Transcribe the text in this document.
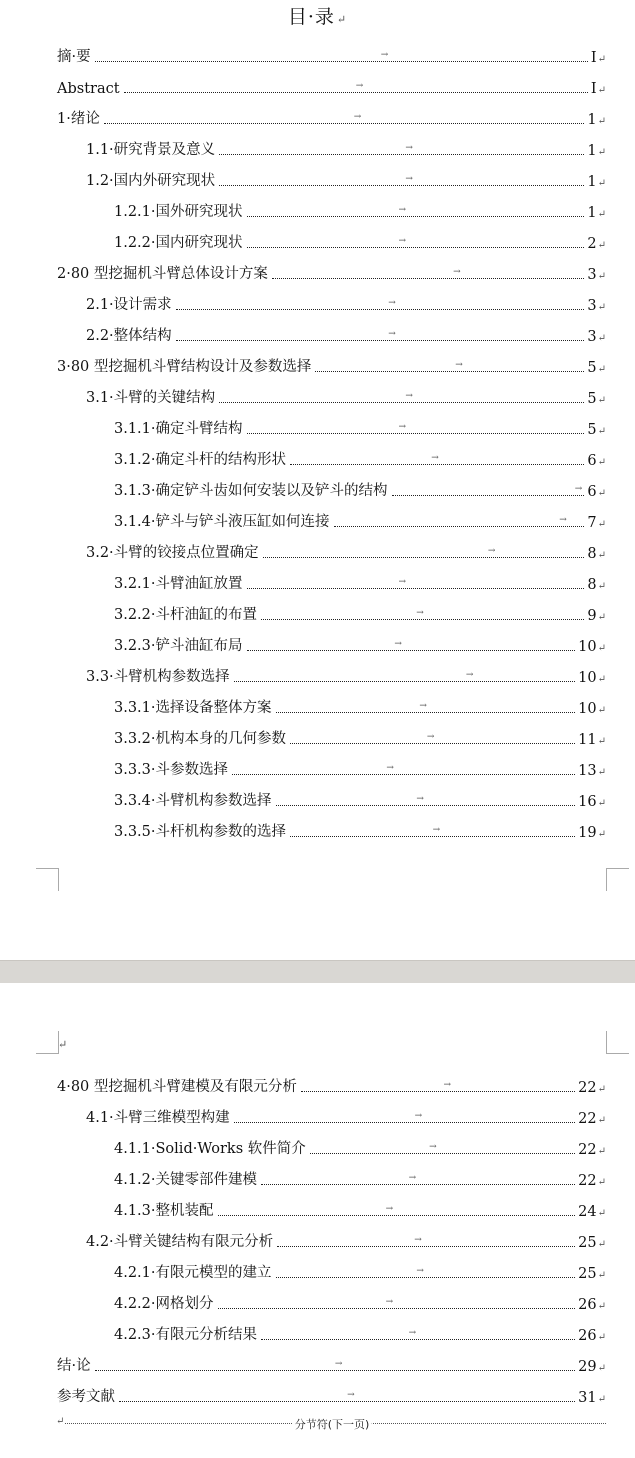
目·录 ↵
摘·要	→	I↵
Abstract	→	I↵
1·绪论	→	1↵
1.1·研究背景及意义	→	1↵
1.2·国内外研究现状	→	1↵
1.2.1·国外研究现状	→	1↵
1.2.2·国内研究现状	→	2↵
2·80 型挖掘机斗臂总体设计方案	→	3↵
2.1·设计需求	→	3↵
2.2·整体结构	→	3↵
3·80 型挖掘机斗臂结构设计及参数选择	→	5↵
3.1·斗臂的关键结构	→	5↵
3.1.1·确定斗臂结构	→	5↵
3.1.2·确定斗杆的结构形状	→	6↵
3.1.3·确定铲斗齿如何安装以及铲斗的结构	→ 6↵
3.1.4·铲斗与铲斗液压缸如何连接	→ 7↵
3.2·斗臂的铰接点位置确定	→	8↵
3.2.1·斗臂油缸放置	→	8↵
3.2.2·斗杆油缸的布置	→	9↵
3.2.3·铲斗油缸布局	→	10↵
3.3·斗臂机构参数选择	→	10↵
3.3.1·选择设备整体方案	→	10↵
3.3.2·机构本身的几何参数	→	11↵
3.3.3·斗参数选择	→	13↵
3.3.4·斗臂机构参数选择	→	16↵
3.3.5·斗杆机构参数的选择	→	19↵
↵
4·80 型挖掘机斗臂建模及有限元分析	→	22↵
4.1·斗臂三维模型构建	→	22↵
4.1.1·Solid·Works 软件简介	→	22↵
4.1.2·关键零部件建模	→	22↵
4.1.3·整机装配	→	24↵
4.2·斗臂关键结构有限元分析	→	25↵
4.2.1·有限元模型的建立	→	25↵
4.2.2·网格划分	→	26↵
4.2.3·有限元分析结果	→	26↵
结·论	→	29↵
参考文献	→	31↵
↵	分节符(下一页)
